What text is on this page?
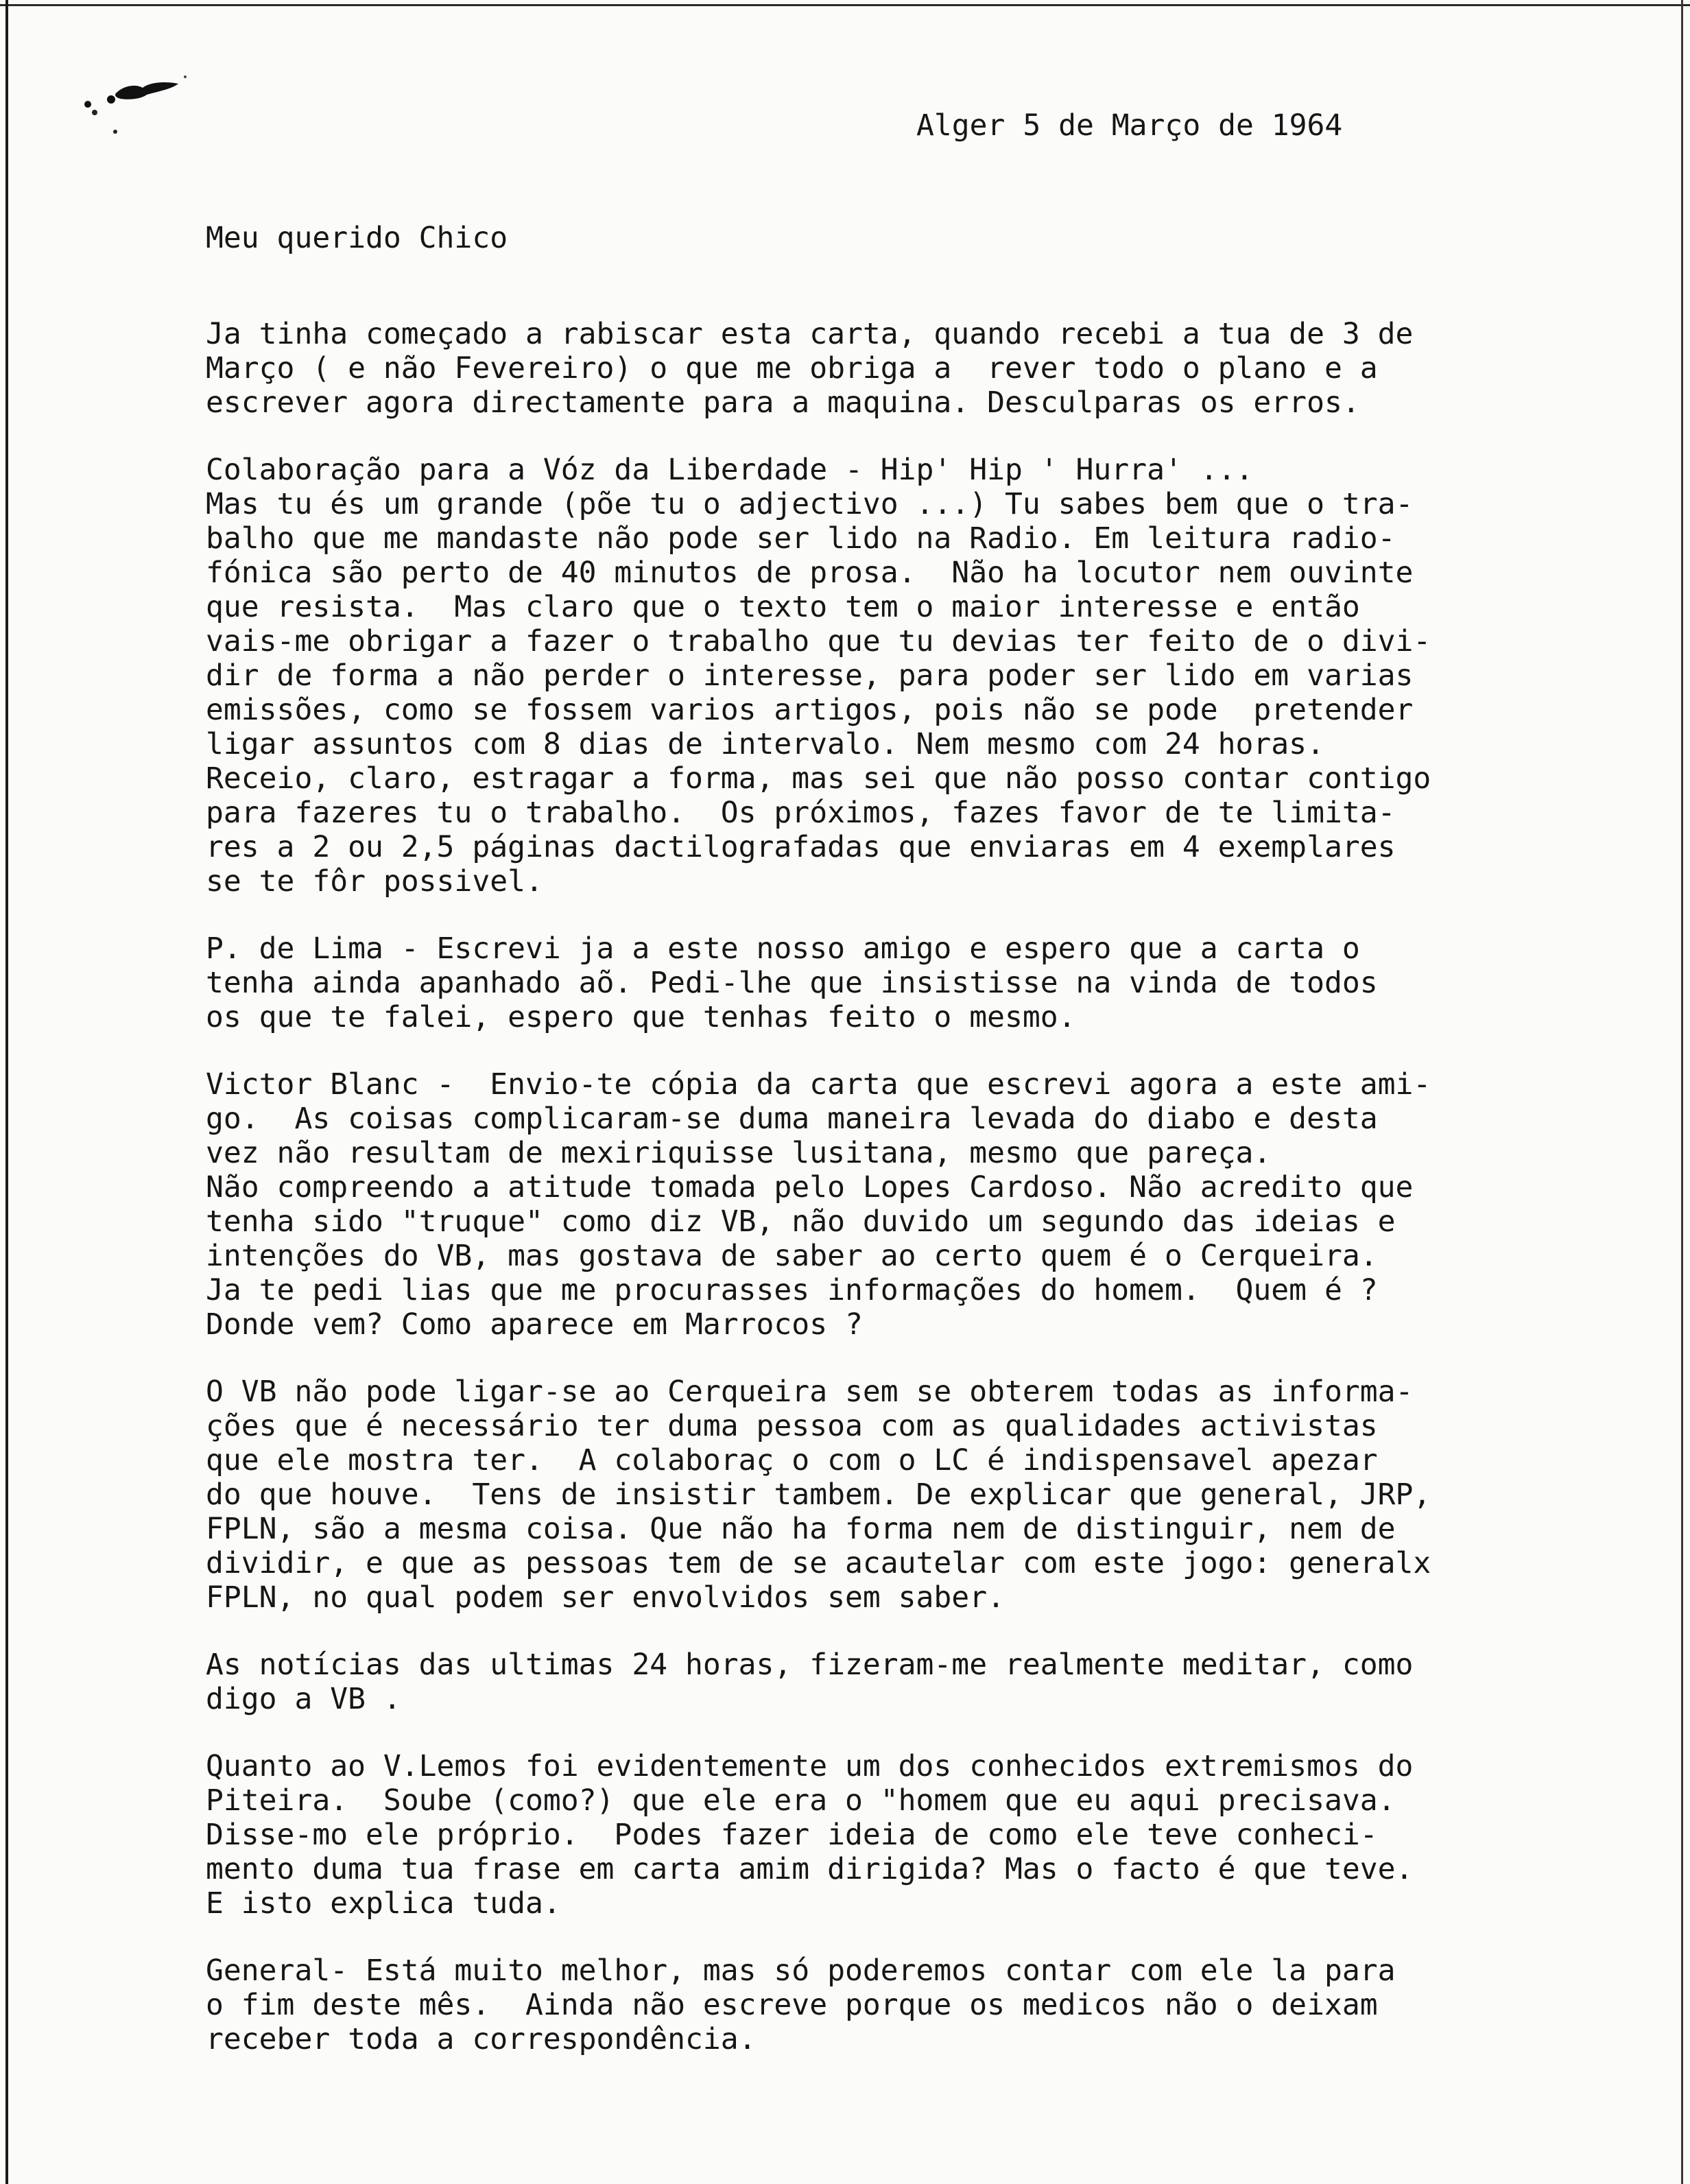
Alger 5 de Março de 1964
Meu querido Chico
Ja tinha começado a rabiscar esta carta, quando recebi a tua de 3 de
Março ( e não Fevereiro) o que me obriga a  rever todo o plano e a
escrever agora directamente para a maquina. Desculparas os erros.
Colaboração para a Vóz da Liberdade - Hip' Hip ' Hurra' ...
Mas tu és um grande (põe tu o adjectivo ...) Tu sabes bem que o tra-
balho que me mandaste não pode ser lido na Radio. Em leitura radio-
fónica são perto de 40 minutos de prosa.  Não ha locutor nem ouvinte
que resista.  Mas claro que o texto tem o maior interesse e então
vais-me obrigar a fazer o trabalho que tu devias ter feito de o divi-
dir de forma a não perder o interesse, para poder ser lido em varias
emissões, como se fossem varios artigos, pois não se pode  pretender
ligar assuntos com 8 dias de intervalo. Nem mesmo com 24 horas.
Receio, claro, estragar a forma, mas sei que não posso contar contigo
para fazeres tu o trabalho.  Os próximos, fazes favor de te limita-
res a 2 ou 2,5 páginas dactilografadas que enviaras em 4 exemplares
se te fôr possivel.
P. de Lima - Escrevi ja a este nosso amigo e espero que a carta o
tenha ainda apanhado aõ. Pedi-lhe que insistisse na vinda de todos
os que te falei, espero que tenhas feito o mesmo.
Victor Blanc -  Envio-te cópia da carta que escrevi agora a este ami-
go.  As coisas complicaram-se duma maneira levada do diabo e desta
vez não resultam de mexiriquisse lusitana, mesmo que pareça.
Não compreendo a atitude tomada pelo Lopes Cardoso. Não acredito que
tenha sido "truque" como diz VB, não duvido um segundo das ideias e
intenções do VB, mas gostava de saber ao certo quem é o Cerqueira.
Ja te pedi lias que me procurasses informações do homem.  Quem é ?
Donde vem? Como aparece em Marrocos ?
O VB não pode ligar-se ao Cerqueira sem se obterem todas as informa-
ções que é necessário ter duma pessoa com as qualidades activistas
que ele mostra ter.  A colaboraç o com o LC é indispensavel apezar
do que houve.  Tens de insistir tambem. De explicar que general, JRP,
FPLN, são a mesma coisa. Que não ha forma nem de distinguir, nem de
dividir, e que as pessoas tem de se acautelar com este jogo: generalx
FPLN, no qual podem ser envolvidos sem saber.
As notícias das ultimas 24 horas, fizeram-me realmente meditar, como
digo a VB .
Quanto ao V.Lemos foi evidentemente um dos conhecidos extremismos do
Piteira.  Soube (como?) que ele era o "homem que eu aqui precisava.
Disse-mo ele próprio.  Podes fazer ideia de como ele teve conheci-
mento duma tua frase em carta amim dirigida? Mas o facto é que teve.
E isto explica tuda.
General- Está muito melhor, mas só poderemos contar com ele la para
o fim deste mês.  Ainda não escreve porque os medicos não o deixam
receber toda a correspondência.
